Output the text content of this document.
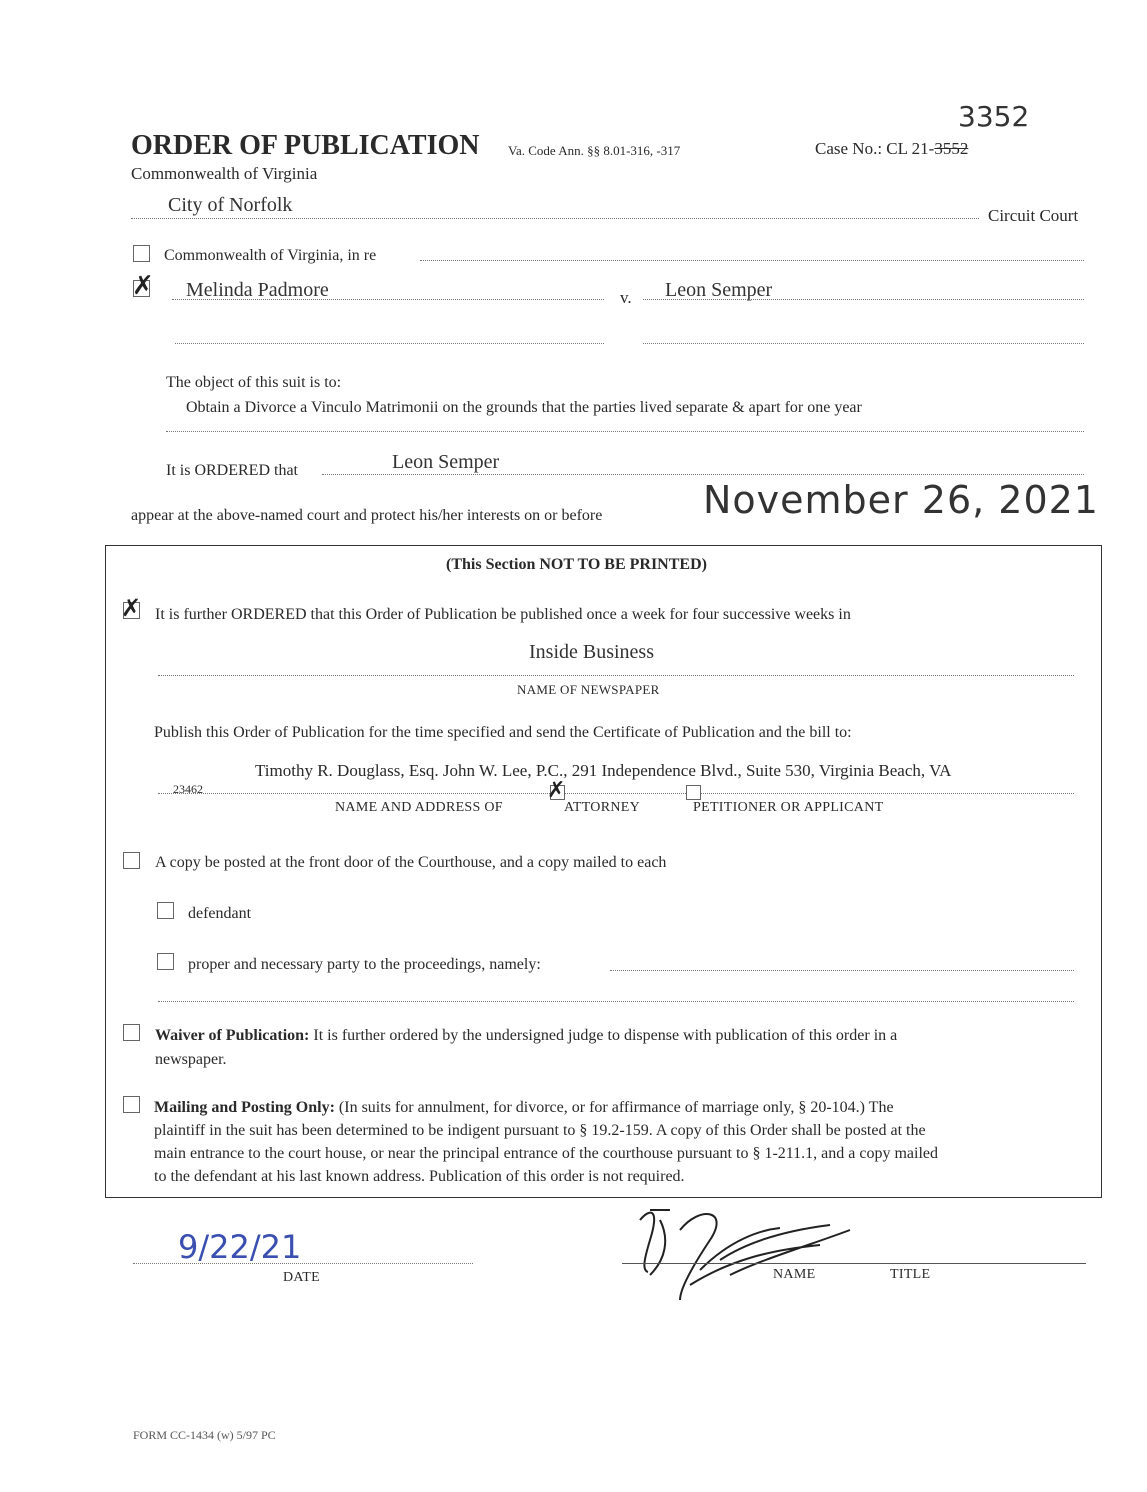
ORDER OF PUBLICATION
Commonwealth of Virginia
Va. Code Ann. §§ 8.01-316, -317	Case No.: CL 21-3552
3352
City of Norfolk	Circuit Court
Commonwealth of Virginia, in re
✗ Melinda Padmore	v. Leon Semper
The object of this suit is to:
Obtain a Divorce a Vinculo Matrimonii on the grounds that the parties lived separate & apart for one year
It is ORDERED that	Leon Semper
appear at the above-named court and protect his/her interests on or before	November 26, 2021
(This Section NOT TO BE PRINTED)
✗ It is further ORDERED that this Order of Publication be published once a week for four successive weeks in
Inside Business
NAME OF NEWSPAPER
Publish this Order of Publication for the time specified and send the Certificate of Publication and the bill to:
Timothy R. Douglass, Esq. John W. Lee, P.C., 291 Independence Blvd., Suite 530, Virginia Beach, VA
23462
NAME AND ADDRESS OF
✗
ATTORNEY	PETITIONER OR APPLICANT
A copy be posted at the front door of the Courthouse, and a copy mailed to each
defendant
proper and necessary party to the proceedings, namely:
Waiver of Publication: It is further ordered by the undersigned judge to dispense with publication of this order in a
newspaper.
Mailing and Posting Only: (In suits for annulment, for divorce, or for affirmance of marriage only, § 20-104.) The
plaintiff in the suit has been determined to be indigent pursuant to § 19.2-159. A copy of this Order shall be posted at the
main entrance to the court house, or near the principal entrance of the courthouse pursuant to § 1-211.1, and a copy mailed
to the defendant at his last known address. Publication of this order is not required.
9/22/21
DATE	NAME	TITLE
FORM CC-1434 (w) 5/97 PC
